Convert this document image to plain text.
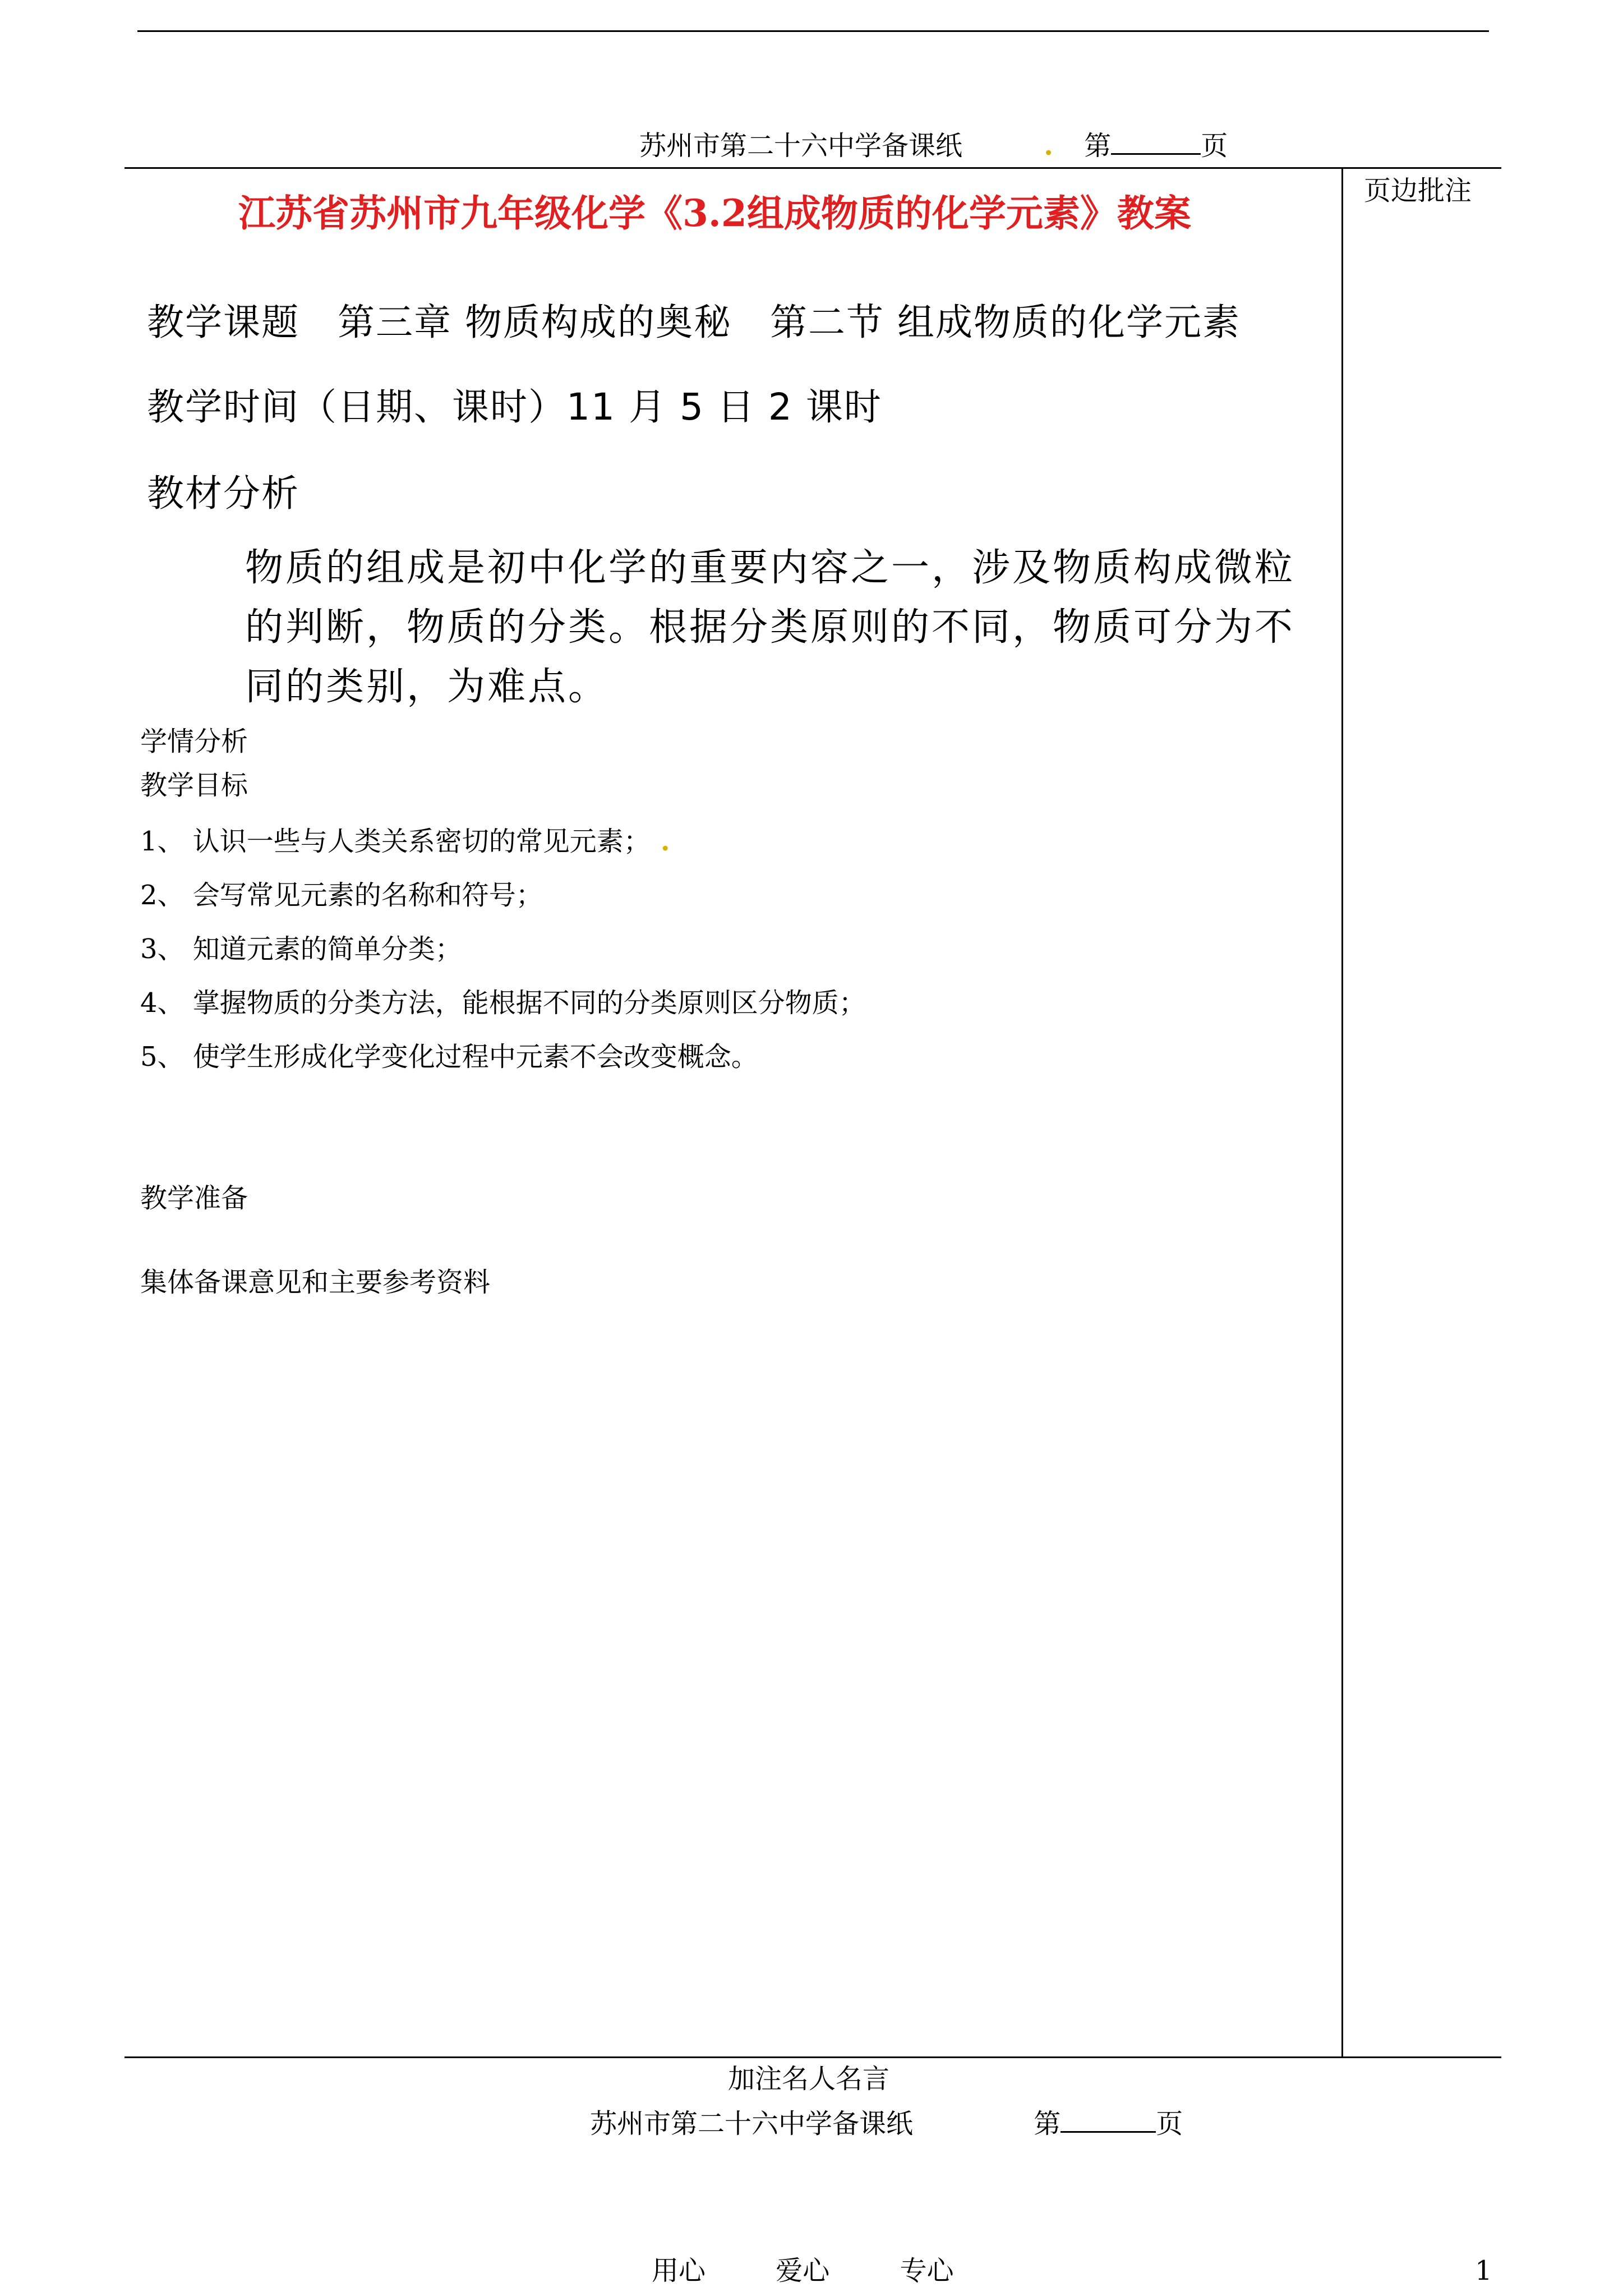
苏州市第二十六中学备课纸	. 第	页
页边批注
江苏省苏州市九年级化学《3.2组成物质的化学元素》教案
教学课题　第三章 物质构成的奥秘　第二节 组成物质的化学元素
教学时间（日期、课时）11 月 5 日 2 课时
教材分析
物质的组成是初中化学的重要内容之一，涉及物质构成微粒的判断，物质的分类。根据分类原则的不同，物质可分为不同的类别，为难点。
学情分析
教学目标
1、 认识一些与人类关系密切的常见元素； .
2、 会写常见元素的名称和符号；
3、 知道元素的简单分类；
4、 掌握物质的分类方法，能根据不同的分类原则区分物质；
5、 使学生形成化学变化过程中元素不会改变概念。
教学准备
集体备课意见和主要参考资料
加注名人名言
苏州市第二十六中学备课纸	第	页
用心	爱心	专心	1
